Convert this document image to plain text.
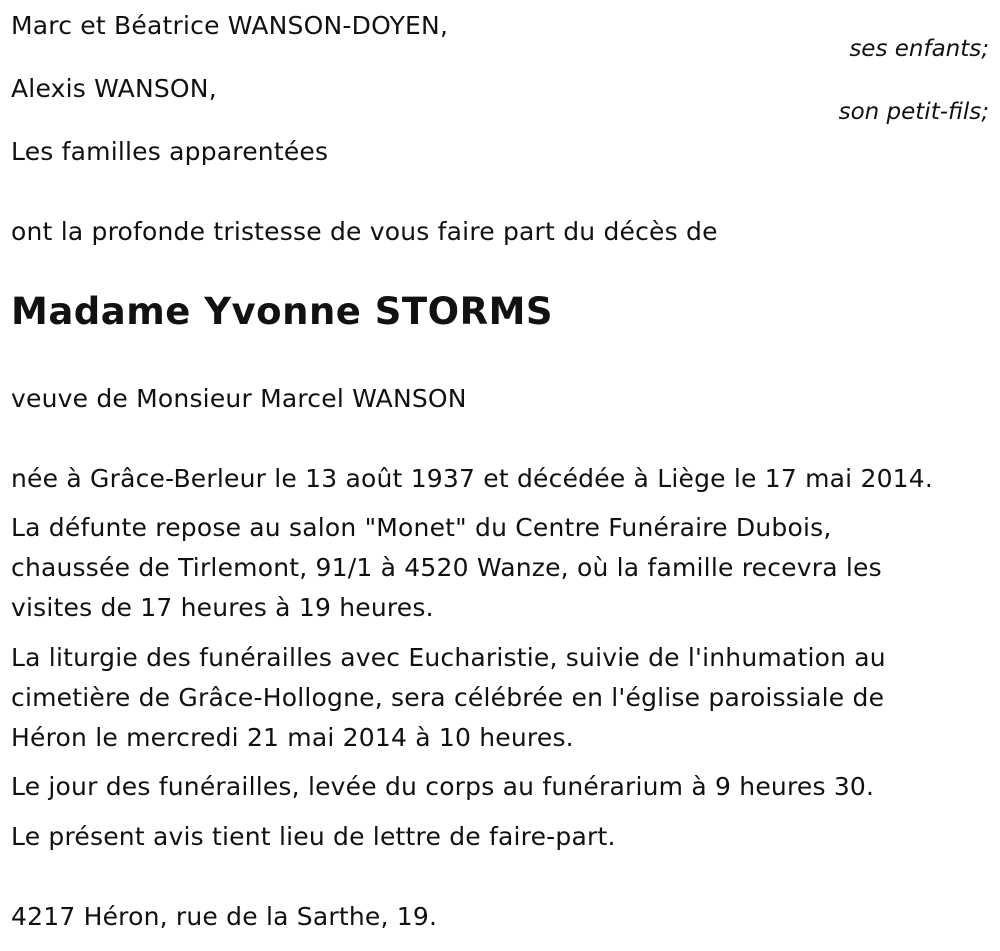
Marc et Béatrice WANSON-DOYEN,
ses enfants;
Alexis WANSON,
son petit-fils;
Les familles apparentées
ont la profonde tristesse de vous faire part du décès de
Madame Yvonne STORMS
veuve de Monsieur Marcel WANSON
née à Grâce-Berleur le 13 août 1937 et décédée à Liège le 17 mai 2014.
La défunte repose au salon "Monet" du Centre Funéraire Dubois,
chaussée de Tirlemont, 91/1 à 4520 Wanze, où la famille recevra les
visites de 17 heures à 19 heures.
La liturgie des funérailles avec Eucharistie, suivie de l'inhumation au
cimetière de Grâce-Hollogne, sera célébrée en l'église paroissiale de
Héron le mercredi 21 mai 2014 à 10 heures.
Le jour des funérailles, levée du corps au funérarium à 9 heures 30.
Le présent avis tient lieu de lettre de faire-part.
4217 Héron, rue de la Sarthe, 19.
